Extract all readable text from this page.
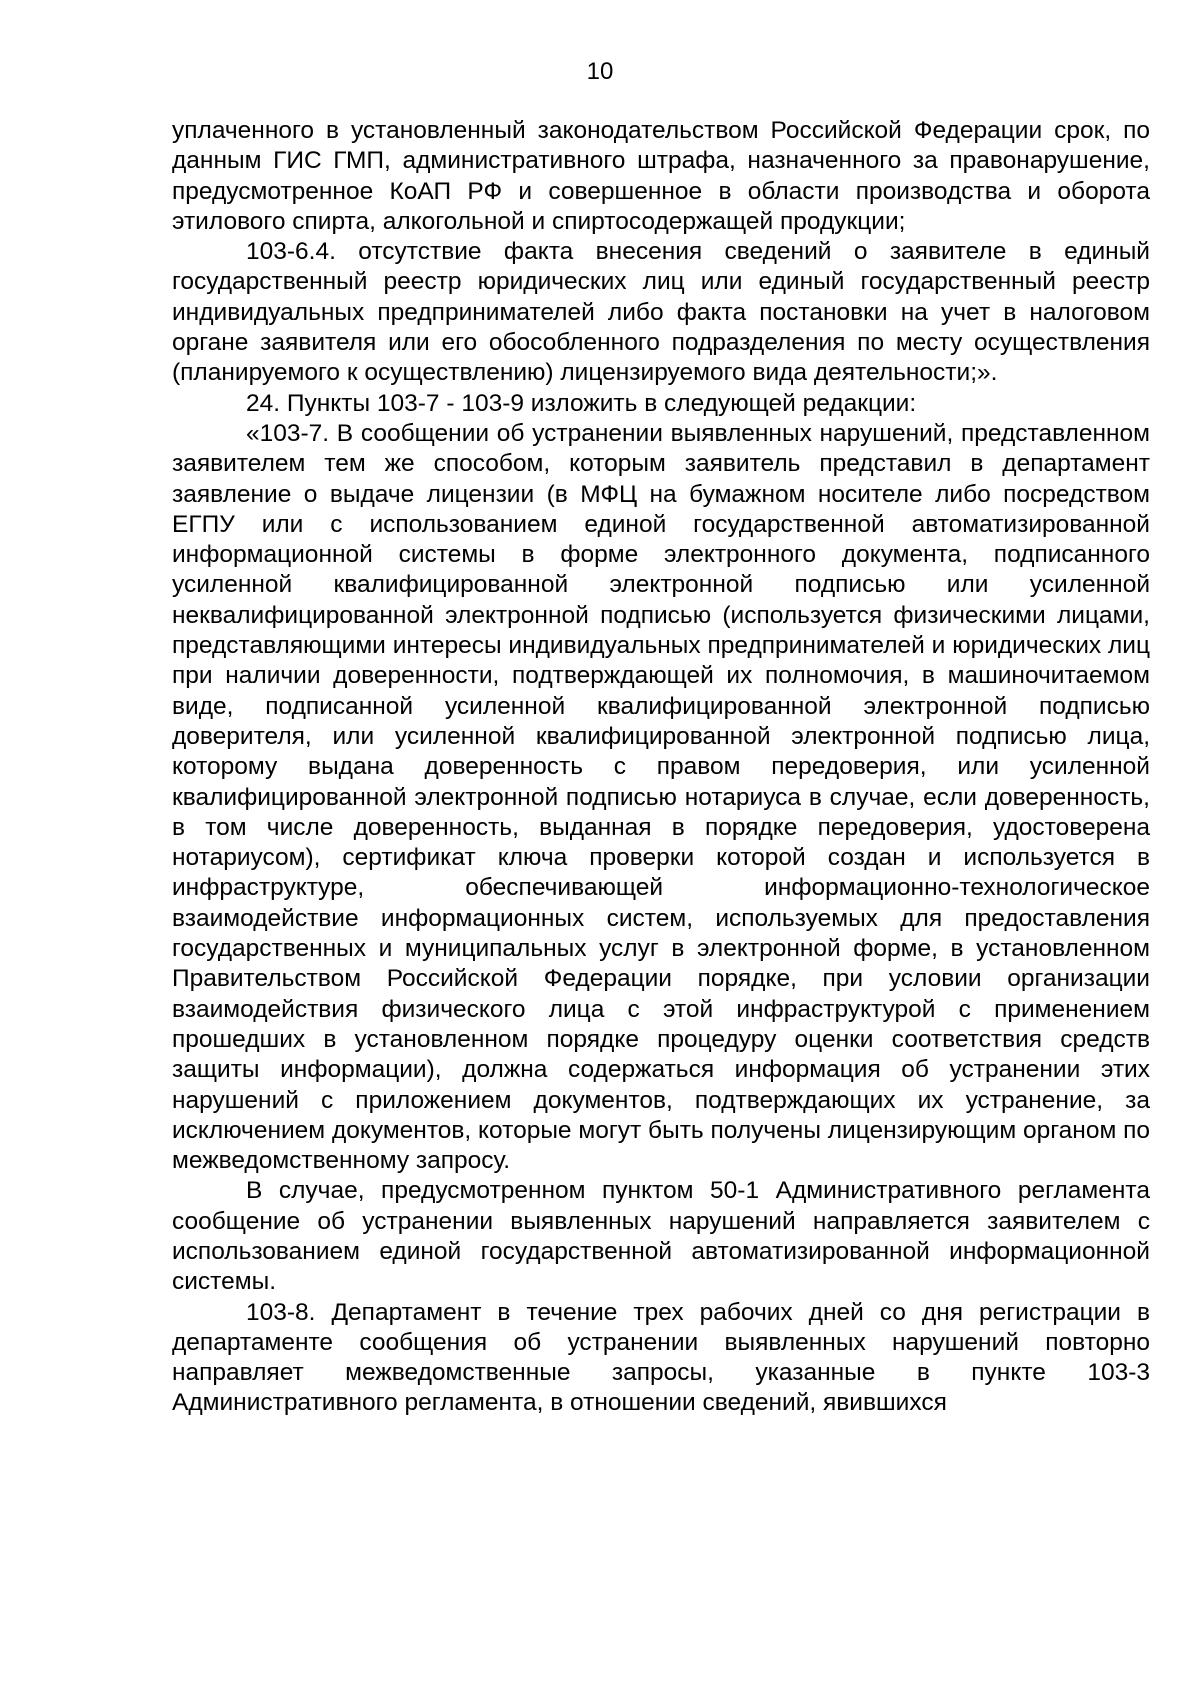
10

уплаченного в установленный законодательством Российской Федерации срок, по данным ГИС ГМП, административного штрафа, назначенного за правонарушение, предусмотренное КоАП РФ и совершенное в области производства и оборота этилового спирта, алкогольной и спиртосодержащей продукции;

103-6.4. отсутствие факта внесения сведений о заявителе в единый государственный реестр юридических лиц или единый государственный реестр индивидуальных предпринимателей либо факта постановки на учет в налоговом органе заявителя или его обособленного подразделения по месту осуществления (планируемого к осуществлению) лицензируемого вида деятельности;».

24. Пункты 103-7 - 103-9 изложить в следующей редакции:

«103-7. В сообщении об устранении выявленных нарушений, представленном заявителем тем же способом, которым заявитель представил в департамент заявление о выдаче лицензии (в МФЦ на бумажном носителе либо посредством ЕГПУ или с использованием единой государственной автоматизированной информационной системы в форме электронного документа, подписанного усиленной квалифицированной электронной подписью или усиленной неквалифицированной электронной подписью (используется физическими лицами, представляющими интересы индивидуальных предпринимателей и юридических лиц при наличии доверенности, подтверждающей их полномочия, в машиночитаемом виде, подписанной усиленной квалифицированной электронной подписью доверителя, или усиленной квалифицированной электронной подписью лица, которому выдана доверенность с правом передоверия, или усиленной квалифицированной электронной подписью нотариуса в случае, если доверенность, в том числе доверенность, выданная в порядке передоверия, удостоверена нотариусом), сертификат ключа проверки которой создан и используется в инфраструктуре, обеспечивающей информационно-технологическое взаимодействие информационных систем, используемых для предоставления государственных и муниципальных услуг в электронной форме, в установленном Правительством Российской Федерации порядке, при условии организации взаимодействия физического лица с этой инфраструктурой с применением прошедших в установленном порядке процедуру оценки соответствия средств защиты информации), должна содержаться информация об устранении этих нарушений с приложением документов, подтверждающих их устранение, за исключением документов, которые могут быть получены лицензирующим органом по межведомственному запросу.

В случае, предусмотренном пунктом 50-1 Административного регламента сообщение об устранении выявленных нарушений направляется заявителем с использованием единой государственной автоматизированной информационной системы.

103-8. Департамент в течение трех рабочих дней со дня регистрации в департаменте сообщения об устранении выявленных нарушений повторно направляет межведомственные запросы, указанные в пункте 103-3 Административного регламента, в отношении сведений, явившихся
